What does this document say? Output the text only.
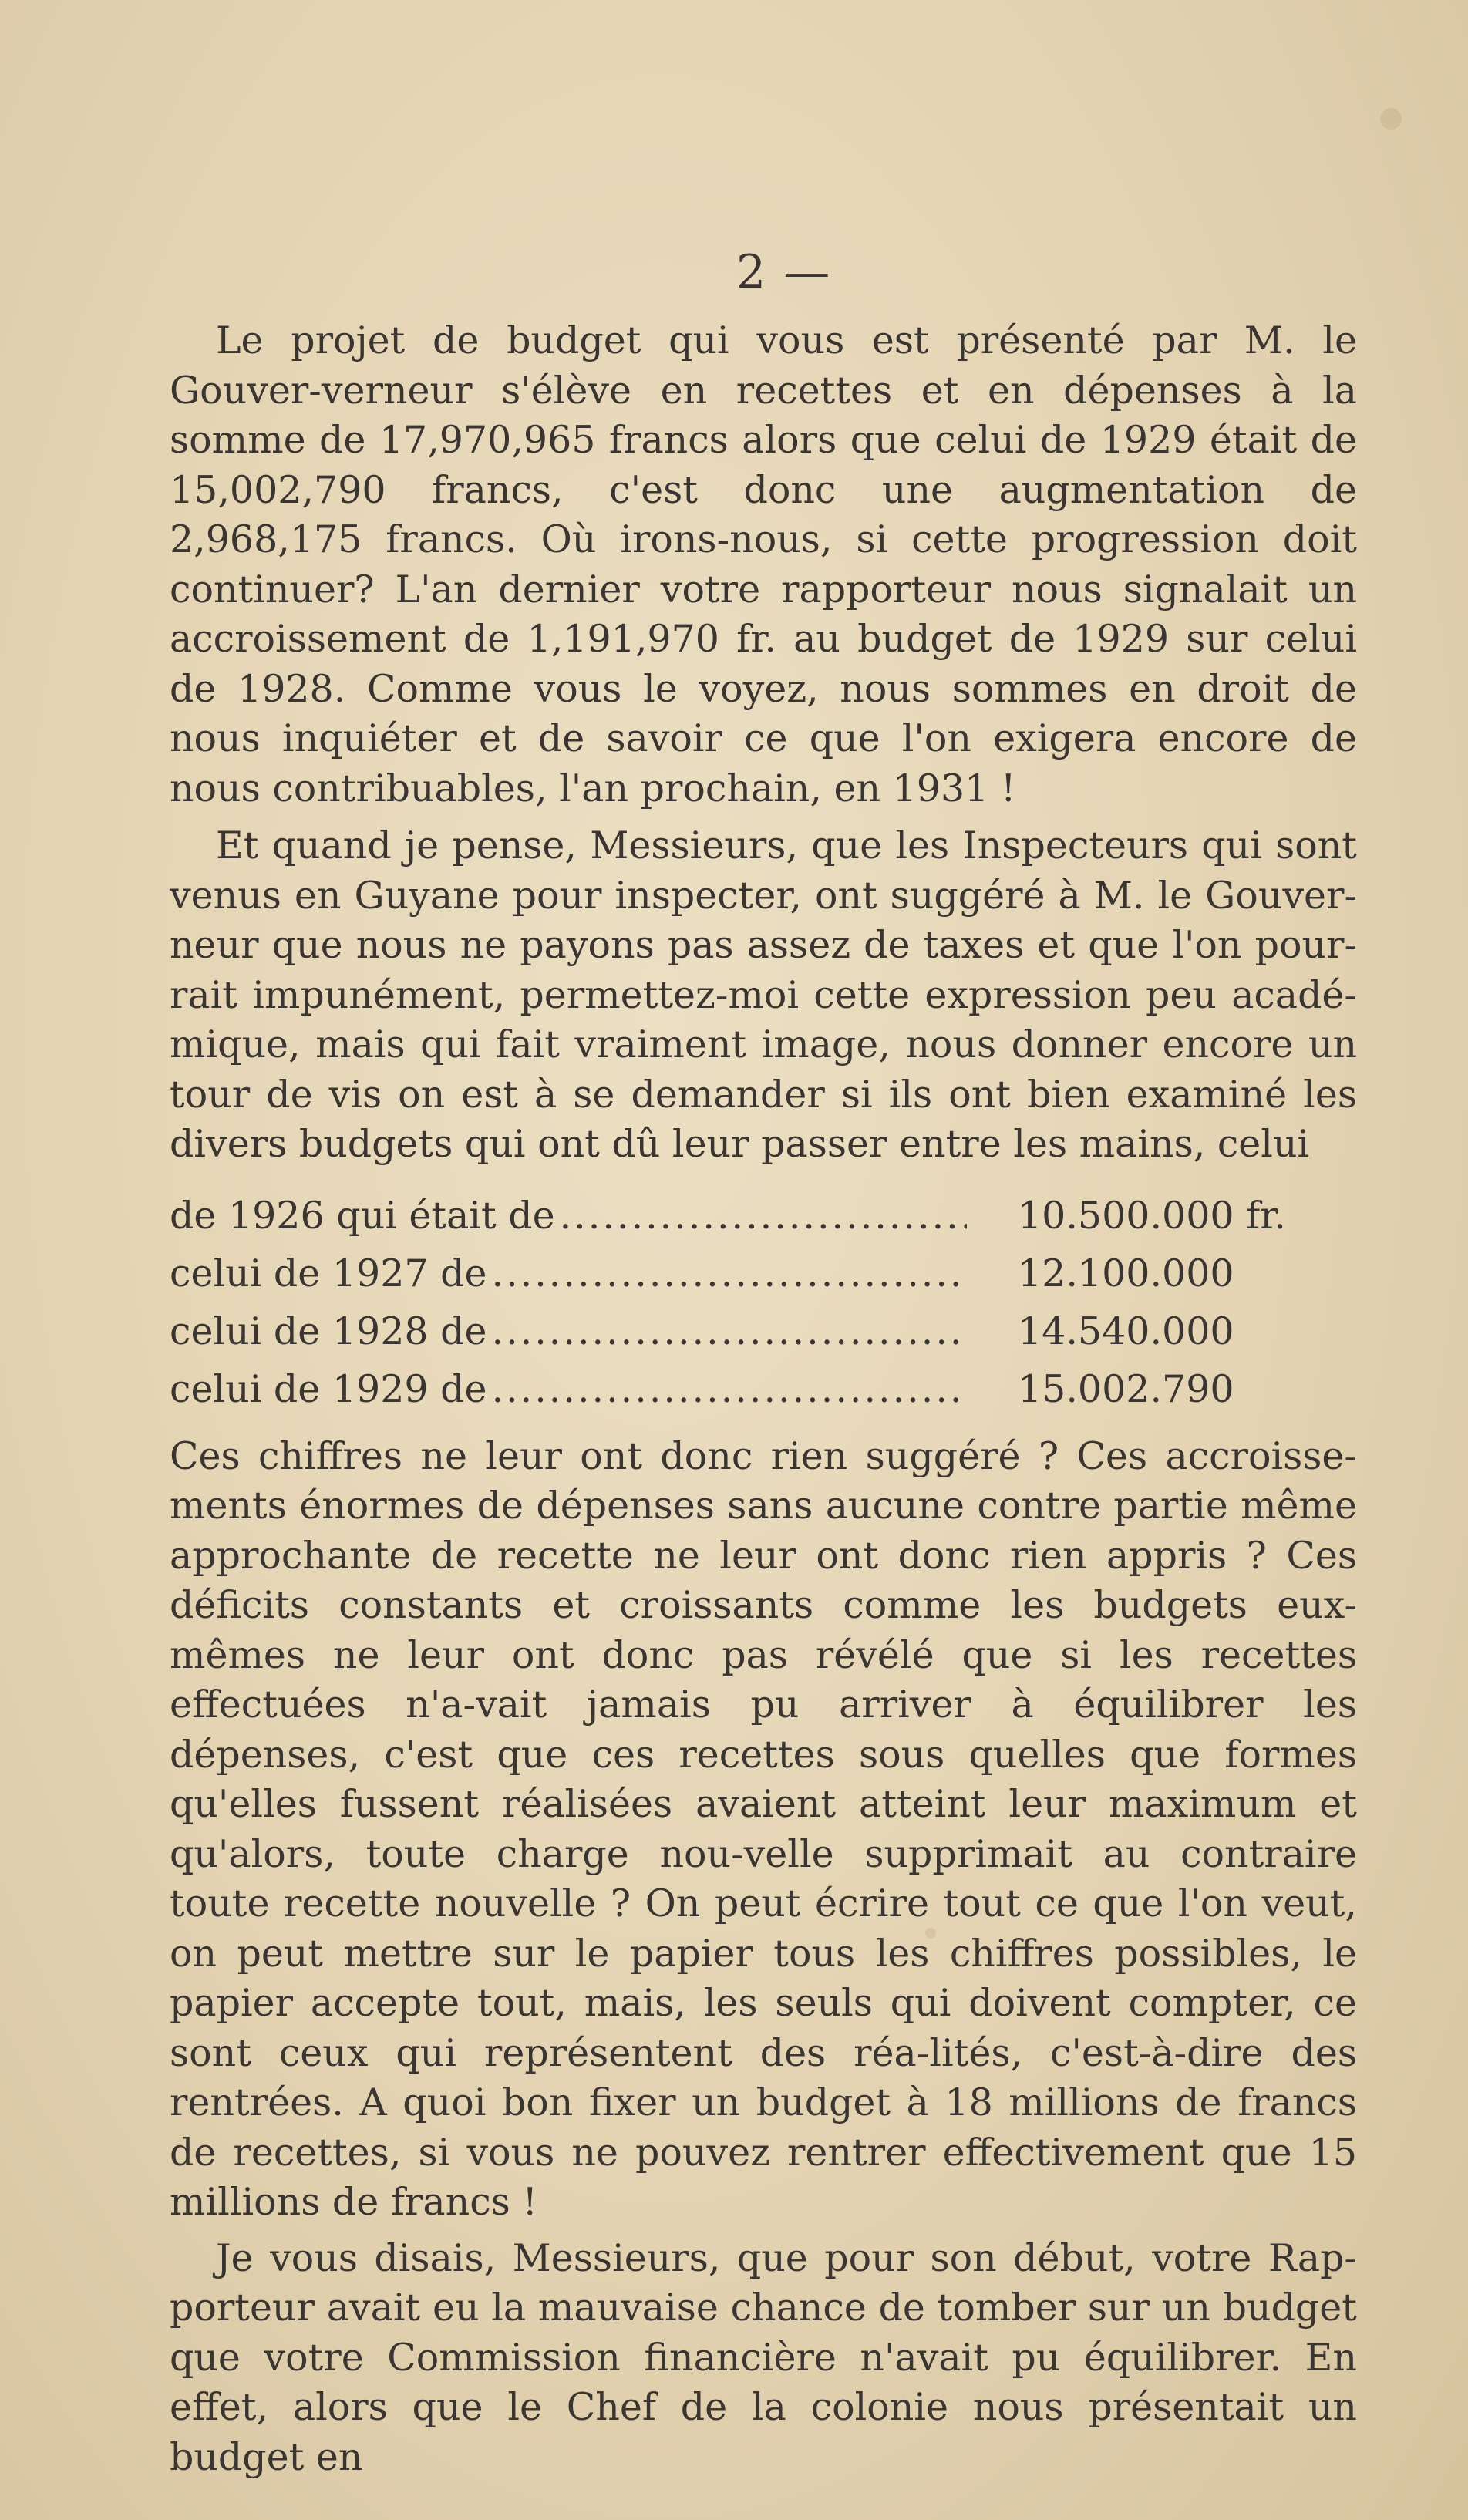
2 —

Le projet de budget qui vous est présenté par M. le Gouver-verneur s'élève en recettes et en dépenses à la somme de 17,970,965 francs alors que celui de 1929 était de 15,002,790 francs, c'est donc une augmentation de 2,968,175 francs. Où irons-nous, si cette progression doit continuer? L'an dernier votre rapporteur nous signalait un accroissement de 1,191,970 fr. au budget de 1929 sur celui de 1928. Comme vous le voyez, nous sommes en droit de nous inquiéter et de savoir ce que l'on exigera encore de nous contribuables, l'an prochain, en 1931 !

Et quand je pense, Messieurs, que les Inspecteurs qui sont venus en Guyane pour inspecter, ont suggéré à M. le Gouver-neur que nous ne payons pas assez de taxes et que l'on pour-rait impunément, permettez-moi cette expression peu acadé-mique, mais qui fait vraiment image, nous donner encore un tour de vis on est à se demander si ils ont bien examiné les divers budgets qui ont dû leur passer entre les mains, celui

de 1926 qui était de .....	10.500.000 fr.
celui de 1927 de .....	12.100.000
celui de 1928 de .....	14.540.000
celui de 1929 de .....	15.002.790

Ces chiffres ne leur ont donc rien suggéré ? Ces accroisse-ments énormes de dépenses sans aucune contre partie même approchante de recette ne leur ont donc rien appris ? Ces déficits constants et croissants comme les budgets eux-mêmes ne leur ont donc pas révélé que si les recettes effectuées n'a-vait jamais pu arriver à équilibrer les dépenses, c'est que ces recettes sous quelles que formes qu'elles fussent réalisées avaient atteint leur maximum et qu'alors, toute charge nou-velle supprimait au contraire toute recette nouvelle ? On peut écrire tout ce que l'on veut, on peut mettre sur le papier tous les chiffres possibles, le papier accepte tout, mais, les seuls qui doivent compter, ce sont ceux qui représentent des réa-lités, c'est-à-dire des rentrées. A quoi bon fixer un budget à 18 millions de francs de recettes, si vous ne pouvez rentrer effectivement que 15 millions de francs !

Je vous disais, Messieurs, que pour son début, votre Rap-porteur avait eu la mauvaise chance de tomber sur un budget que votre Commission financière n'avait pu équilibrer. En effet, alors que le Chef de la colonie nous présentait un budget en
